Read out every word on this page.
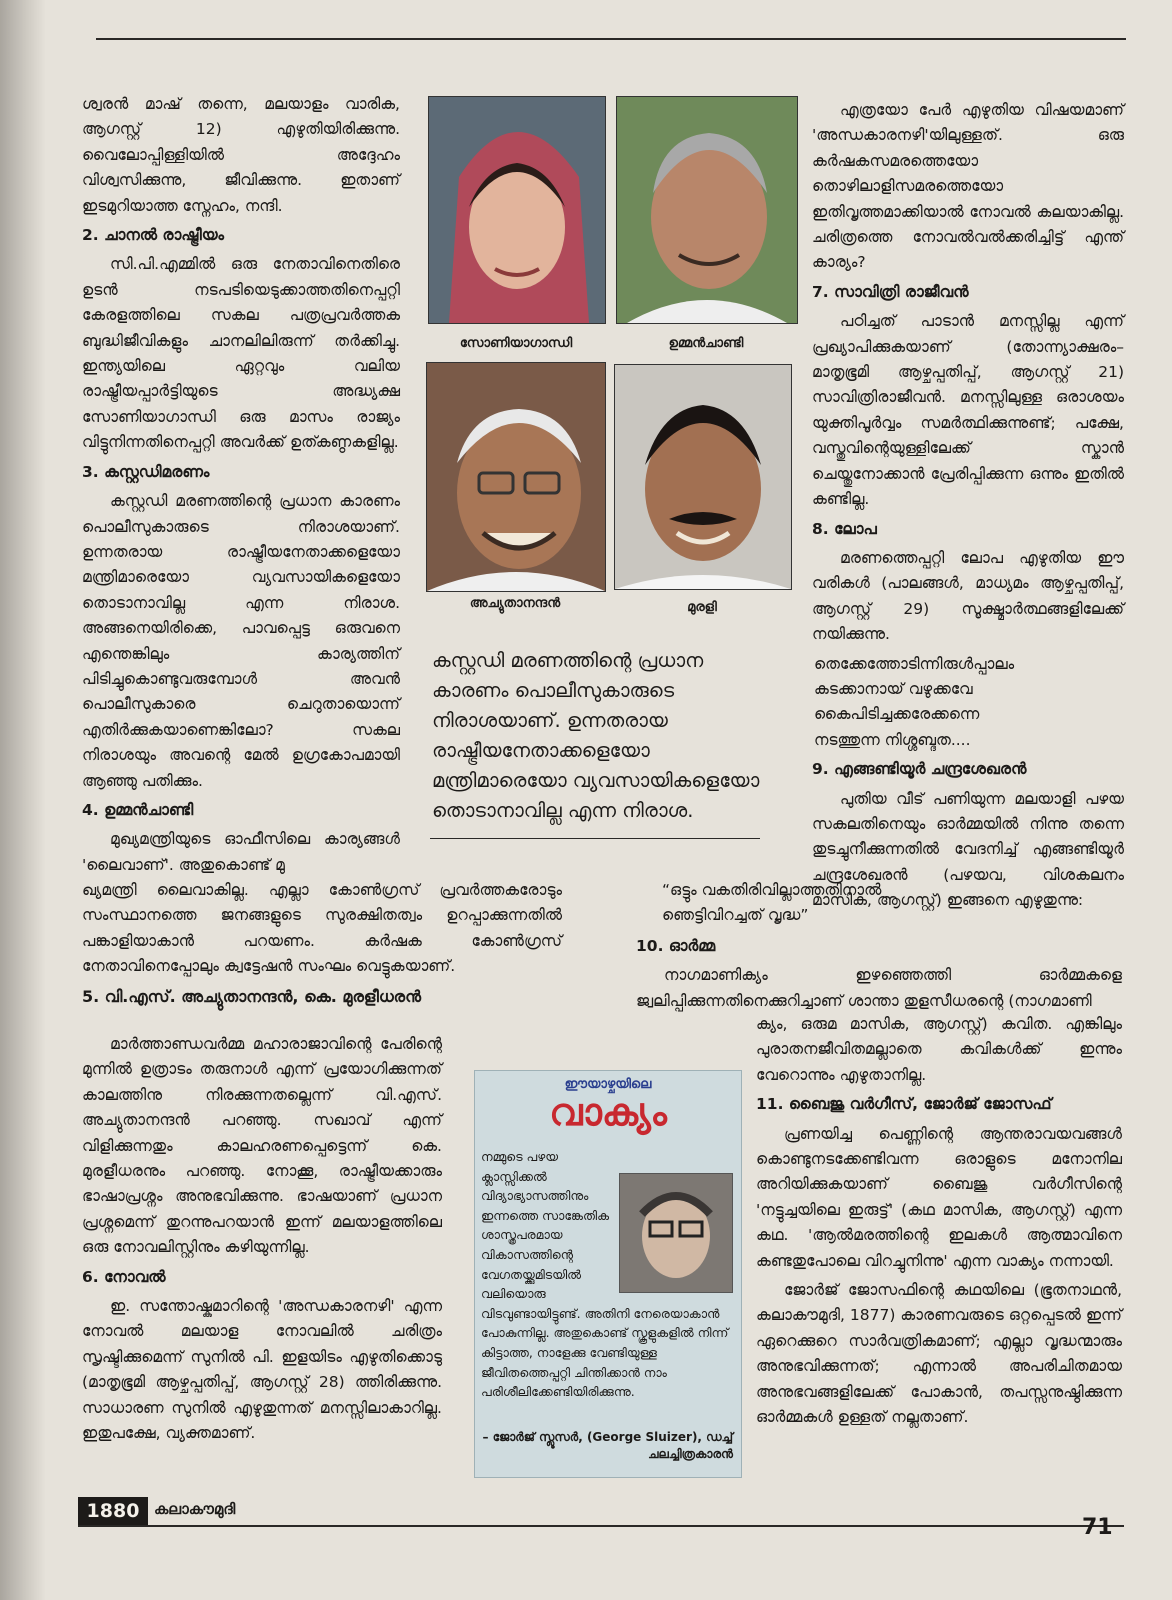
ശ്വരൻ മാഷ് തന്നെ, മലയാളം വാരിക, ആഗസ്റ്റ് 12) എഴുതിയിരിക്കുന്നു. വൈലോപ്പിള്ളിയിൽ അദ്ദേഹം വിശ്വസിക്കുന്നു, ജീവിക്കുന്നു. ഇതാണ് ഇടമുറിയാത്ത സ്നേഹം, നന്ദി.

2. ചാനൽ രാഷ്ട്രീയം

സി.പി.എമ്മിൽ ഒരു നേതാവിനെതിരെ ഉടൻ നടപടിയെടുക്കാത്തതിനെപ്പറ്റി കേരളത്തിലെ സകല പത്രപ്രവർത്തക ബുദ്ധിജീവികളും ചാനലിലിരുന്ന് തർക്കിച്ചു. ഇന്ത്യയിലെ ഏറ്റവും വലിയ രാഷ്ട്രീയപ്പാർട്ടിയുടെ അദ്ധ്യക്ഷ സോണിയാഗാന്ധി ഒരു മാസം രാജ്യം വിട്ടുനിന്നതിനെപ്പറ്റി അവർക്ക് ഉത്കണ്ഠകളില്ല.

3. കസ്റ്റഡിമരണം

കസ്റ്റഡി മരണത്തിന്റെ പ്രധാന കാരണം പൊലീസുകാരുടെ നിരാശയാണ്. ഉന്നതരായ രാഷ്ട്രീയനേതാക്കളെയോ മന്ത്രിമാരെയോ വ്യവസായികളെയോ തൊടാനാവില്ല എന്ന നിരാശ. അങ്ങനെയിരിക്കെ, പാവപ്പെട്ട ഒരുവനെ എന്തെങ്കിലും കാര്യത്തിന് പിടിച്ചുകൊണ്ടുവരുമ്പോൾ അവൻ പൊലീസുകാരെ ചെറുതായൊന്ന് എതിർക്കുകയാണെങ്കിലോ? സകല നിരാശയും അവന്റെ മേൽ ഉഗ്രകോപമായി ആഞ്ഞു പതിക്കും.

4. ഉമ്മൻചാണ്ടി

മുഖ്യമന്ത്രിയുടെ ഓഫീസിലെ കാര്യങ്ങൾ 'ലൈവാണ്'. അതുകൊണ്ട് മു

ഖ്യമന്ത്രി ലൈവാകില്ല. എല്ലാ കോൺഗ്രസ് പ്രവർത്തകരോടും സംസ്ഥാനത്തെ ജനങ്ങളുടെ സുരക്ഷിതത്വം ഉറപ്പാക്കുന്നതിൽ പങ്കാളിയാകാൻ പറയണം. കർഷക കോൺഗ്രസ് നേതാവിനെപ്പോലും ക്വട്ടേഷൻ സംഘം വെട്ടുകയാണ്.

5. വി.എസ്. അച്യുതാനന്ദൻ, കെ. മുരളീധരൻ

മാർത്താണ്ഡവർമ്മ മഹാരാജാവിന്റെ പേരിന്റെ മുന്നിൽ ഉത്രാടം തരുനാൾ എന്ന് പ്രയോഗിക്കുന്നത് കാലത്തിനു നിരക്കുന്നതല്ലെന്ന് വി.എസ്. അച്യുതാനന്ദൻ പറഞ്ഞു. സഖാവ് എന്ന് വിളിക്കുന്നതും കാലഹരണപ്പെട്ടെന്ന് കെ. മുരളീധരനും പറഞ്ഞു. നോക്കൂ, രാഷ്ട്രീയക്കാരും ഭാഷാപ്രശ്നം അനുഭവിക്കുന്നു. ഭാഷയാണ് പ്രധാന പ്രശ്നമെന്ന് തുറന്നുപറയാൻ ഇന്ന് മലയാളത്തിലെ ഒരു നോവലിസ്റ്റിനും കഴിയുന്നില്ല.

6. നോവൽ

ഇ. സന്തോഷ്കുമാറിന്റെ 'അന്ധകാരനഴി' എന്ന നോവൽ മലയാള നോവലിൽ ചരിത്രം സൃഷ്ടിക്കുമെന്ന് സുനിൽ പി. ഇളയിടം എഴുതിക്കൊടു (മാതൃഭൂമി ആഴ്ചപ്പതിപ്പ്, ആഗസ്റ്റ് 28) ത്തിരിക്കുന്നു. സാധാരണ സുനിൽ എഴുതുന്നത് മനസ്സിലാകാറില്ല. ഇതുപക്ഷേ, വ്യക്തമാണ്.

സോണിയാഗാന്ധി	ഉമ്മൻചാണ്ടി
അച്യുതാനന്ദൻ	മുരളി
കസ്റ്റഡി മരണത്തിന്റെ പ്രധാന കാരണം പൊലീസുകാരുടെ നിരാശയാണ്. ഉന്നതരായ രാഷ്ട്രീയനേതാക്കളെയോ മന്ത്രിമാരെയോ വ്യവസായികളെയോ തൊടാനാവില്ല എന്ന നിരാശ.

എത്രയോ പേർ എഴുതിയ വിഷയമാണ് 'അന്ധകാരനഴി'യിലുള്ളത്. ഒരു കർഷകസമരത്തെയോ തൊഴിലാളിസമരത്തെയോ ഇതിവൃത്തമാക്കിയാൽ നോവൽ കലയാകില്ല. ചരിത്രത്തെ നോവൽവൽക്കരിച്ചിട്ട് എന്ത് കാര്യം?

7. സാവിത്രി രാജീവൻ

പഠിച്ചത് പാടാൻ മനസ്സില്ല എന്ന് പ്രഖ്യാപിക്കുകയാണ് (തോന്ന്യാക്ഷരം–മാതൃഭൂമി ആഴ്ചപ്പതിപ്പ്, ആഗസ്റ്റ് 21) സാവിത്രിരാജീവൻ. മനസ്സിലുള്ള ഒരാശയം യുക്തിപൂർവ്വം സമർത്ഥിക്കുന്നുണ്ട്; പക്ഷേ, വസ്തുവിന്റെയുള്ളിലേക്ക് സ്കാൻ ചെയ്തുനോക്കാൻ പ്രേരിപ്പിക്കുന്ന ഒന്നും ഇതിൽ കണ്ടില്ല.

8. ലോപ

മരണത്തെപ്പറ്റി ലോപ എഴുതിയ ഈ വരികൾ (പാലങ്ങൾ, മാധ്യമം ആഴ്ചപ്പതിപ്പ്, ആഗസ്റ്റ് 29) സൂക്ഷ്മാർത്ഥങ്ങളിലേക്ക് നയിക്കുന്നു.

തെക്കേത്തോടിന്നിരുൾപ്പാലം
കടക്കാനായ് വഴുക്കവേ
കൈപിടിച്ചക്കരേക്കന്നെ
നടത്തുന്ന നിശ്ശബ്ദത....
9. എങ്ങണ്ടിയൂർ ചന്ദ്രശേഖരൻ

പുതിയ വീട് പണിയുന്ന മലയാളി പഴയ സകലതിനെയും ഓർമ്മയിൽ നിന്നു തന്നെ തുടച്ചുനീക്കുന്നതിൽ വേദനിച്ച് എങ്ങണ്ടിയൂർ ചന്ദ്രശേഖരൻ (പഴയവ, വിശകലനം മാസിക, ആഗസ്റ്റ്) ഇങ്ങനെ എഴുതുന്നു:

“ഒട്ടും വകതിരിവില്ലാത്തതിനാൽ
ഞെട്ടിവിറച്ചത് വൃദ്ധ”
10. ഓർമ്മ

നാഗമാണിക്യം ഇഴഞ്ഞെത്തി ഓർമ്മകളെ ജ്വലിപ്പിക്കുന്നതിനെക്കുറിച്ചാണ് ശാന്താ തുളസീധരന്റെ (നാഗമാണി

ക്യം, ഒരുമ മാസിക, ആഗസ്റ്റ്) കവിത. എങ്കിലും പുരാതനജീവിതമല്ലാതെ കവികൾക്ക് ഇന്നും വേറൊന്നും എഴുതാനില്ല.

11. ബൈജു വർഗീസ്, ജോർജ് ജോസഫ്

പ്രണയിച്ച പെണ്ണിന്റെ ആന്തരാവയവങ്ങൾ കൊണ്ടുനടക്കേണ്ടിവന്ന ഒരാളുടെ മനോനില അറിയിക്കുകയാണ് ബൈജു വർഗീസിന്റെ 'നട്ടുച്ചയിലെ ഇരുട്ട്' (കഥ മാസിക, ആഗസ്റ്റ്) എന്ന കഥ. 'ആൽമരത്തിന്റെ ഇലകൾ ആത്മാവിനെ കണ്ടതുപോലെ വിറച്ചുനിന്നു' എന്ന വാക്യം നന്നായി.

ജോർജ് ജോസഫിന്റെ കഥയിലെ (ഭൂതനാഥൻ, കലാകൗമുദി, 1877) കാരണവരുടെ ഒറ്റപ്പെടൽ ഇന്ന് ഏറെക്കുറെ സാർവത്രികമാണ്; എല്ലാ വൃദ്ധന്മാരും അനുഭവിക്കുന്നത്; എന്നാൽ അപരിചിതമായ അനുഭവങ്ങളിലേക്ക് പോകാൻ, തപസ്സനുഷ്ഠിക്കുന്ന ഓർമ്മകൾ ഉള്ളത് നല്ലതാണ്.

ഈയാഴ്ചയിലെ
വാക്യം
നമ്മുടെ പഴയ ക്ലാസ്സിക്കൽ വിദ്യാഭ്യാസത്തിനും ഇന്നത്തെ സാങ്കേതിക ശാസ്ത്രപരമായ വികാസത്തിന്റെ വേഗതയ്ക്കുമിടയിൽ വലിയൊരു വിടവുണ്ടായിട്ടുണ്ട്. അതിനി നേരെയാകാൻ പോകുന്നില്ല. അതുകൊണ്ട് സ്കൂളുകളിൽ നിന്ന് കിട്ടാത്ത, നാളേക്കു വേണ്ടിയുള്ള ജീവിതത്തെപ്പറ്റി ചിന്തിക്കാൻ നാം പരിശീലിക്കേണ്ടിയിരിക്കുന്നു.
– ജോർജ് സ്ലൂസർ, (George Sluizer), ഡച്ച് ചലച്ചിത്രകാരൻ
1880 കലാകൗമുദി
71
